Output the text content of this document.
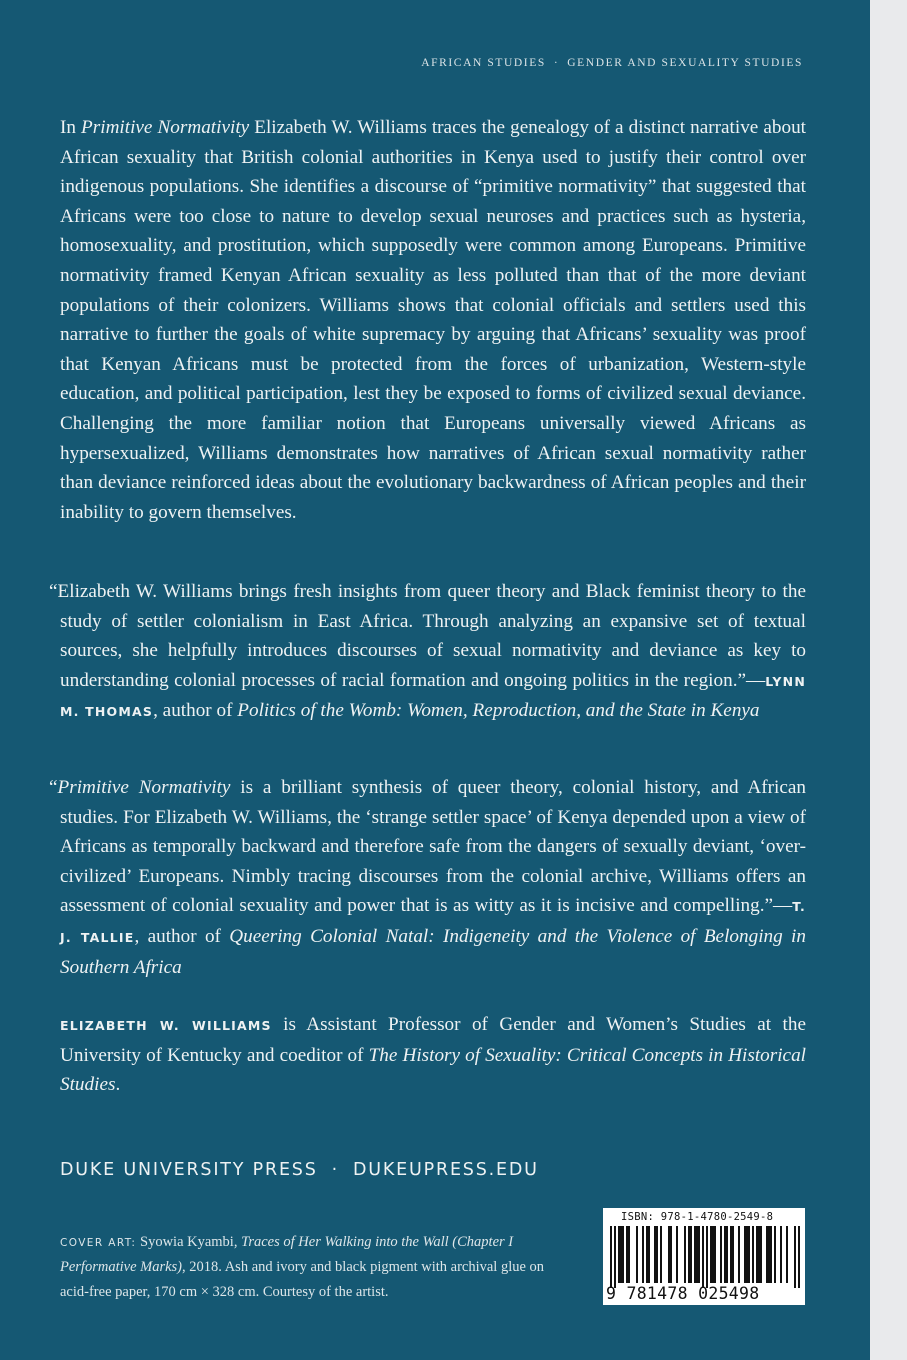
AFRICAN STUDIES · GENDER AND SEXUALITY STUDIES

In Primitive Normativity Elizabeth W. Williams traces the genealogy of a distinct narrative about African sexuality that British colonial authorities in Kenya used to justify their control over indigenous populations. She identifies a discourse of “primitive normativity” that suggested that Africans were too close to nature to develop sexual neuroses and practices such as hysteria, homosexuality, and prostitution, which supposedly were common among Europeans. Primitive normativity framed Kenyan African sexuality as less polluted than that of the more deviant populations of their colonizers. Williams shows that colonial officials and settlers used this narrative to further the goals of white supremacy by arguing that Africans’ sexuality was proof that Kenyan Africans must be protected from the forces of urbanization, Western-style education, and political participation, lest they be exposed to forms of civilized sexual deviance. Challenging the more familiar notion that Europeans universally viewed Africans as hypersexualized, Williams demonstrates how narratives of African sexual normativity rather than deviance reinforced ideas about the evolutionary backwardness of African peoples and their inability to govern themselves.

“Elizabeth W. Williams brings fresh insights from queer theory and Black feminist theory to the study of settler colonialism in East Africa. Through analyzing an expansive set of textual sources, she helpfully introduces discourses of sexual normativity and deviance as key to understanding colonial processes of racial formation and ongoing politics in the region.”—LYNN M. THOMAS, author of Politics of the Womb: Women, Reproduction, and the State in Kenya

“Primitive Normativity is a brilliant synthesis of queer theory, colonial history, and African studies. For Elizabeth W. Williams, the ‘strange settler space’ of Kenya depended upon a view of Africans as temporally backward and therefore safe from the dangers of sexually deviant, ‘over-civilized’ Europeans. Nimbly tracing discourses from the colonial archive, Williams offers an assessment of colonial sexuality and power that is as witty as it is incisive and compelling.”—T. J. TALLIE, author of Queering Colonial Natal: Indigeneity and the Violence of Belonging in Southern Africa

ELIZABETH W. WILLIAMS is Assistant Professor of Gender and Women’s Studies at the University of Kentucky and coeditor of The History of Sexuality: Critical Concepts in Historical Studies.

DUKE UNIVERSITY PRESS · DUKEUPRESS.EDU

COVER ART: Syowia Kyambi, Traces of Her Walking into the Wall (Chapter I Performative Marks), 2018. Ash and ivory and black pigment with archival glue on acid-free paper, 170 cm × 328 cm. Courtesy of the artist.

ISBN: 978-1-4780-2549-8
9 781478 025498
